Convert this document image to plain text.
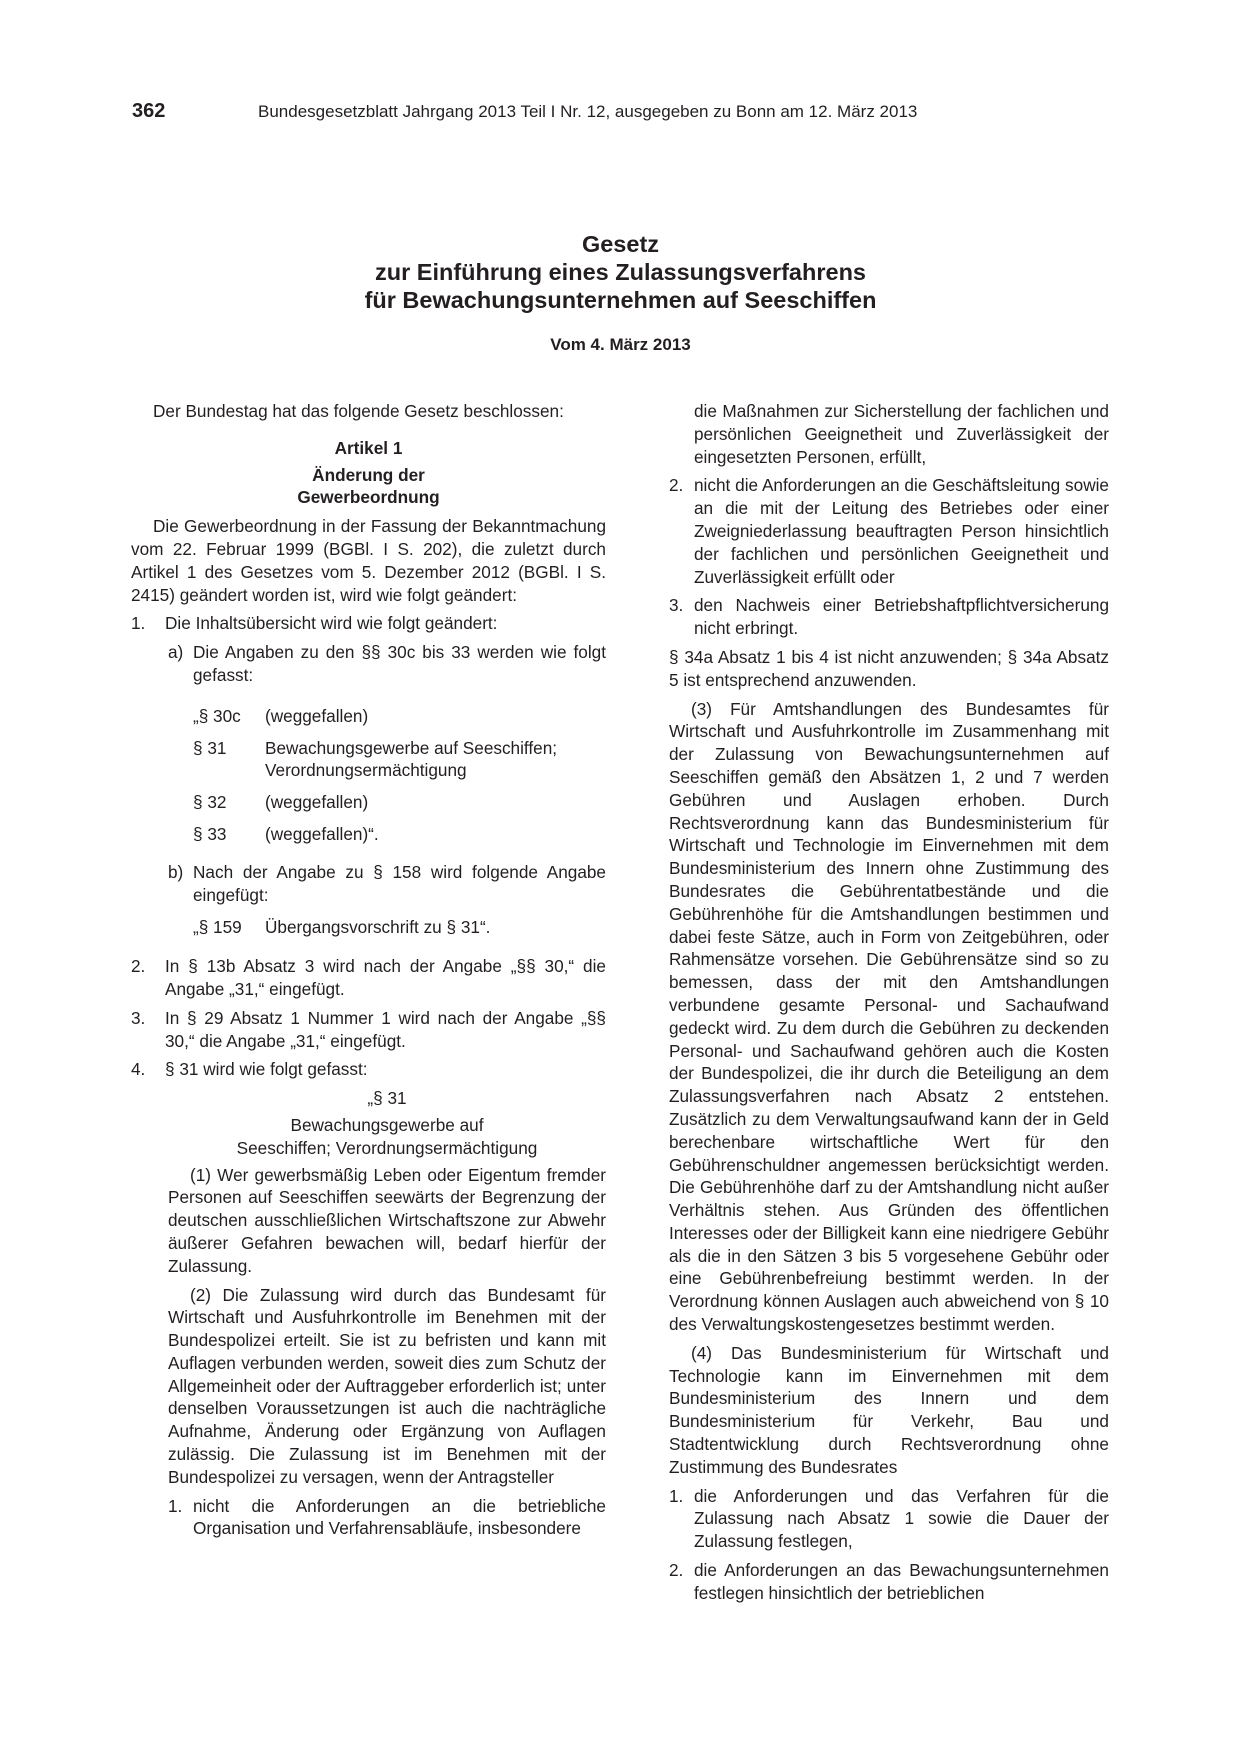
362	Bundesgesetzblatt Jahrgang 2013 Teil I Nr. 12, ausgegeben zu Bonn am 12. März 2013
Gesetz
zur Einführung eines Zulassungsverfahrens
für Bewachungsunternehmen auf Seeschiffen
Vom 4. März 2013

Der Bundestag hat das folgende Gesetz beschlossen:

Artikel 1
Änderung der
Gewerbeordnung

Die Gewerbeordnung in der Fassung der Bekanntmachung vom 22. Februar 1999 (BGBl. I S. 202), die zuletzt durch Artikel 1 des Gesetzes vom 5. Dezember 2012 (BGBl. I S. 2415) geändert worden ist, wird wie folgt geändert:

1.	Die Inhaltsübersicht wird wie folgt geändert:
a) Die Angaben zu den §§ 30c bis 33 werden wie folgt gefasst:
„§ 30c	(weggefallen)
§ 31	Bewachungsgewerbe auf Seeschiffen; Verordnungsermächtigung
§ 32	(weggefallen)
§ 33	(weggefallen)“.
b) Nach der Angabe zu § 158 wird folgende Angabe eingefügt:
„§ 159	Übergangsvorschrift zu § 31“.
2.	In § 13b Absatz 3 wird nach der Angabe „§§ 30,“ die Angabe „31,“ eingefügt.
3.	In § 29 Absatz 1 Nummer 1 wird nach der Angabe „§§ 30,“ die Angabe „31,“ eingefügt.
4.	§ 31 wird wie folgt gefasst:
„§ 31
Bewachungsgewerbe auf
Seeschiffen; Verordnungsermächtigung

(1) Wer gewerbsmäßig Leben oder Eigentum fremder Personen auf Seeschiffen seewärts der Begrenzung der deutschen ausschließlichen Wirtschaftszone zur Abwehr äußerer Gefahren bewachen will, bedarf hierfür der Zulassung.

(2) Die Zulassung wird durch das Bundesamt für Wirtschaft und Ausfuhrkontrolle im Benehmen mit der Bundespolizei erteilt. Sie ist zu befristen und kann mit Auflagen verbunden werden, soweit dies zum Schutz der Allgemeinheit oder der Auftraggeber erforderlich ist; unter denselben Voraussetzungen ist auch die nachträgliche Aufnahme, Änderung oder Ergänzung von Auflagen zulässig. Die Zulassung ist im Benehmen mit der Bundespolizei zu versagen, wenn der Antragsteller

1. nicht die Anforderungen an die betriebliche Organisation und Verfahrensabläufe, insbesondere

die Maßnahmen zur Sicherstellung der fachlichen und persönlichen Geeignetheit und Zuverlässigkeit der eingesetzten Personen, erfüllt,

2. nicht die Anforderungen an die Geschäftsleitung sowie an die mit der Leitung des Betriebes oder einer Zweigniederlassung beauftragten Person hinsichtlich der fachlichen und persönlichen Geeignetheit und Zuverlässigkeit erfüllt oder
3. den Nachweis einer Betriebshaftpflichtversicherung nicht erbringt.

§ 34a Absatz 1 bis 4 ist nicht anzuwenden; § 34a Absatz 5 ist entsprechend anzuwenden.

(3) Für Amtshandlungen des Bundesamtes für Wirtschaft und Ausfuhrkontrolle im Zusammenhang mit der Zulassung von Bewachungsunternehmen auf Seeschiffen gemäß den Absätzen 1, 2 und 7 werden Gebühren und Auslagen erhoben. Durch Rechtsverordnung kann das Bundesministerium für Wirtschaft und Technologie im Einvernehmen mit dem Bundesministerium des Innern ohne Zustimmung des Bundesrates die Gebührentatbestände und die Gebührenhöhe für die Amtshandlungen bestimmen und dabei feste Sätze, auch in Form von Zeitgebühren, oder Rahmensätze vorsehen. Die Gebührensätze sind so zu bemessen, dass der mit den Amtshandlungen verbundene gesamte Personal- und Sachaufwand gedeckt wird. Zu dem durch die Gebühren zu deckenden Personal- und Sachaufwand gehören auch die Kosten der Bundespolizei, die ihr durch die Beteiligung an dem Zulassungsverfahren nach Absatz 2 entstehen. Zusätzlich zu dem Verwaltungsaufwand kann der in Geld berechenbare wirtschaftliche Wert für den Gebührenschuldner angemessen berücksichtigt werden. Die Gebührenhöhe darf zu der Amtshandlung nicht außer Verhältnis stehen. Aus Gründen des öffentlichen Interesses oder der Billigkeit kann eine niedrigere Gebühr als die in den Sätzen 3 bis 5 vorgesehene Gebühr oder eine Gebührenbefreiung bestimmt werden. In der Verordnung können Auslagen auch abweichend von § 10 des Verwaltungskostengesetzes bestimmt werden.

(4) Das Bundesministerium für Wirtschaft und Technologie kann im Einvernehmen mit dem Bundesministerium des Innern und dem Bundesministerium für Verkehr, Bau und Stadtentwicklung durch Rechtsverordnung ohne Zustimmung des Bundesrates

1. die Anforderungen und das Verfahren für die Zulassung nach Absatz 1 sowie die Dauer der Zulassung festlegen,
2. die Anforderungen an das Bewachungsunternehmen festlegen hinsichtlich der betrieblichen
